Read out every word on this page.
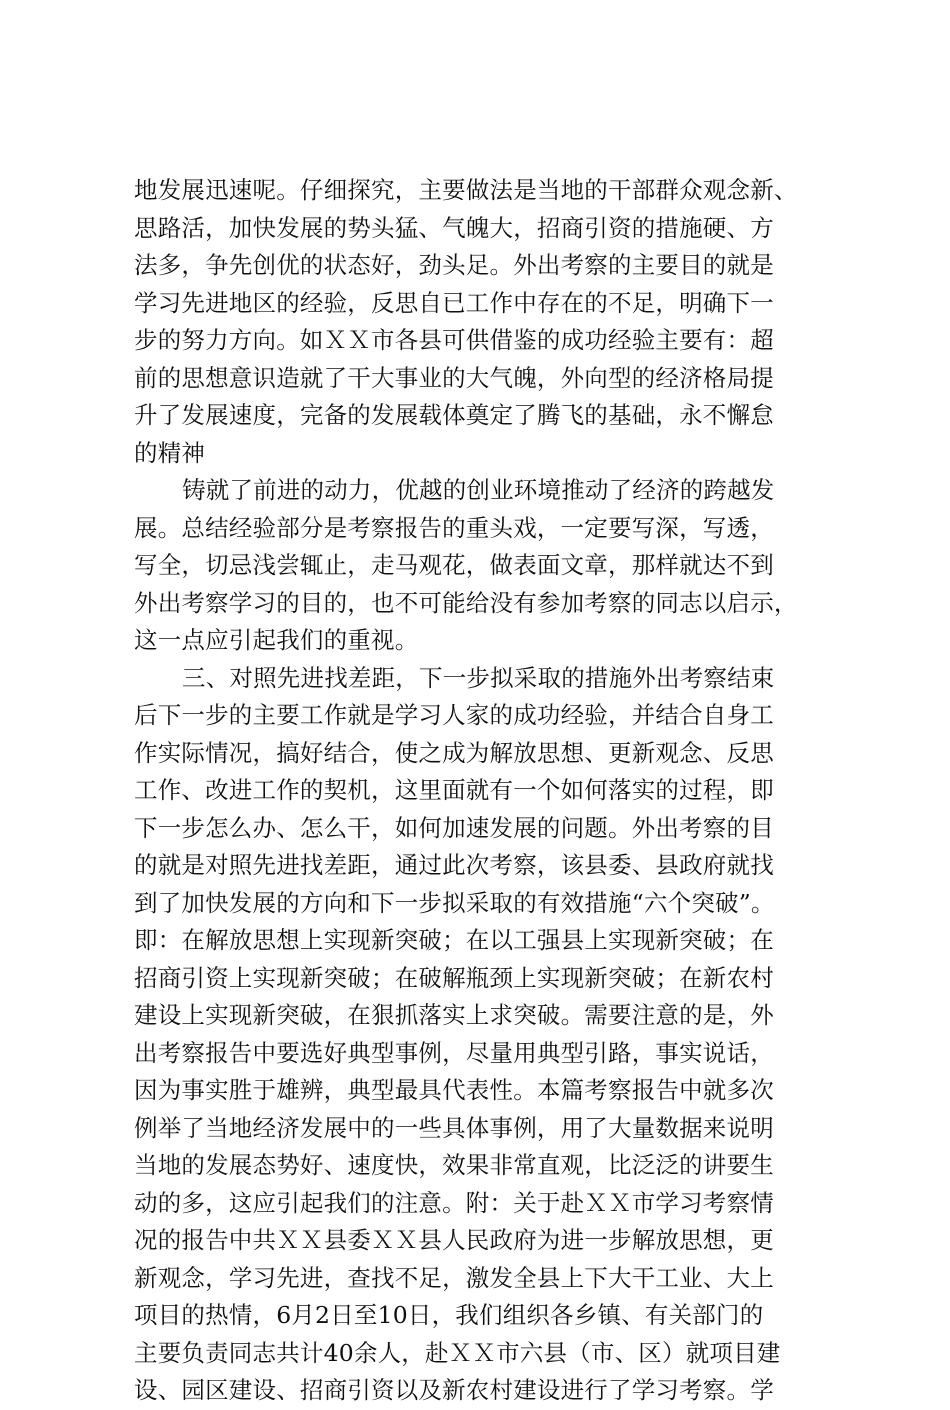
地发展迅速呢。仔细探究，主要做法是当地的干部群众观念新、
思路活，加快发展的势头猛、气魄大，招商引资的措施硬、方
法多，争先创优的状态好，劲头足。外出考察的主要目的就是
学习先进地区的经验，反思自已工作中存在的不足，明确下一
步的努力方向。如ＸＸ市各县可供借鉴的成功经验主要有：超
前的思想意识造就了干大事业的大气魄，外向型的经济格局提
升了发展速度，完备的发展载体奠定了腾飞的基础，永不懈怠
的精神
铸就了前进的动力，优越的创业环境推动了经济的跨越发
展。总结经验部分是考察报告的重头戏，一定要写深，写透，
写全，切忌浅尝辄止，走马观花，做表面文章，那样就达不到
外出考察学习的目的，也不可能给没有参加考察的同志以启示，
这一点应引起我们的重视。
三、对照先进找差距，下一步拟采取的措施外出考察结束
后下一步的主要工作就是学习人家的成功经验，并结合自身工
作实际情况，搞好结合，使之成为解放思想、更新观念、反思
工作、改进工作的契机，这里面就有一个如何落实的过程，即
下一步怎么办、怎么干，如何加速发展的问题。外出考察的目
的就是对照先进找差距，通过此次考察，该县委、县政府就找
到了加快发展的方向和下一步拟采取的有效措施“六个突破”。
即：在解放思想上实现新突破；在以工强县上实现新突破；在
招商引资上实现新突破；在破解瓶颈上实现新突破；在新农村
建设上实现新突破，在狠抓落实上求突破。需要注意的是，外
出考察报告中要选好典型事例，尽量用典型引路，事实说话，
因为事实胜于雄辨，典型最具代表性。本篇考察报告中就多次
例举了当地经济发展中的一些具体事例，用了大量数据来说明
当地的发展态势好、速度快，效果非常直观，比泛泛的讲要生
动的多，这应引起我们的注意。附：关于赴ＸＸ市学习考察情
况的报告中共ＸＸ县委ＸＸ县人民政府为进一步解放思想，更
新观念，学习先进，查找不足，激发全县上下大干工业、大上
项目的热情，6月2日至10日，我们组织各乡镇、有关部门的
主要负责同志共计40余人，赴ＸＸ市六县（市、区）就项目建
设、园区建设、招商引资以及新农村建设进行了学习考察。学
